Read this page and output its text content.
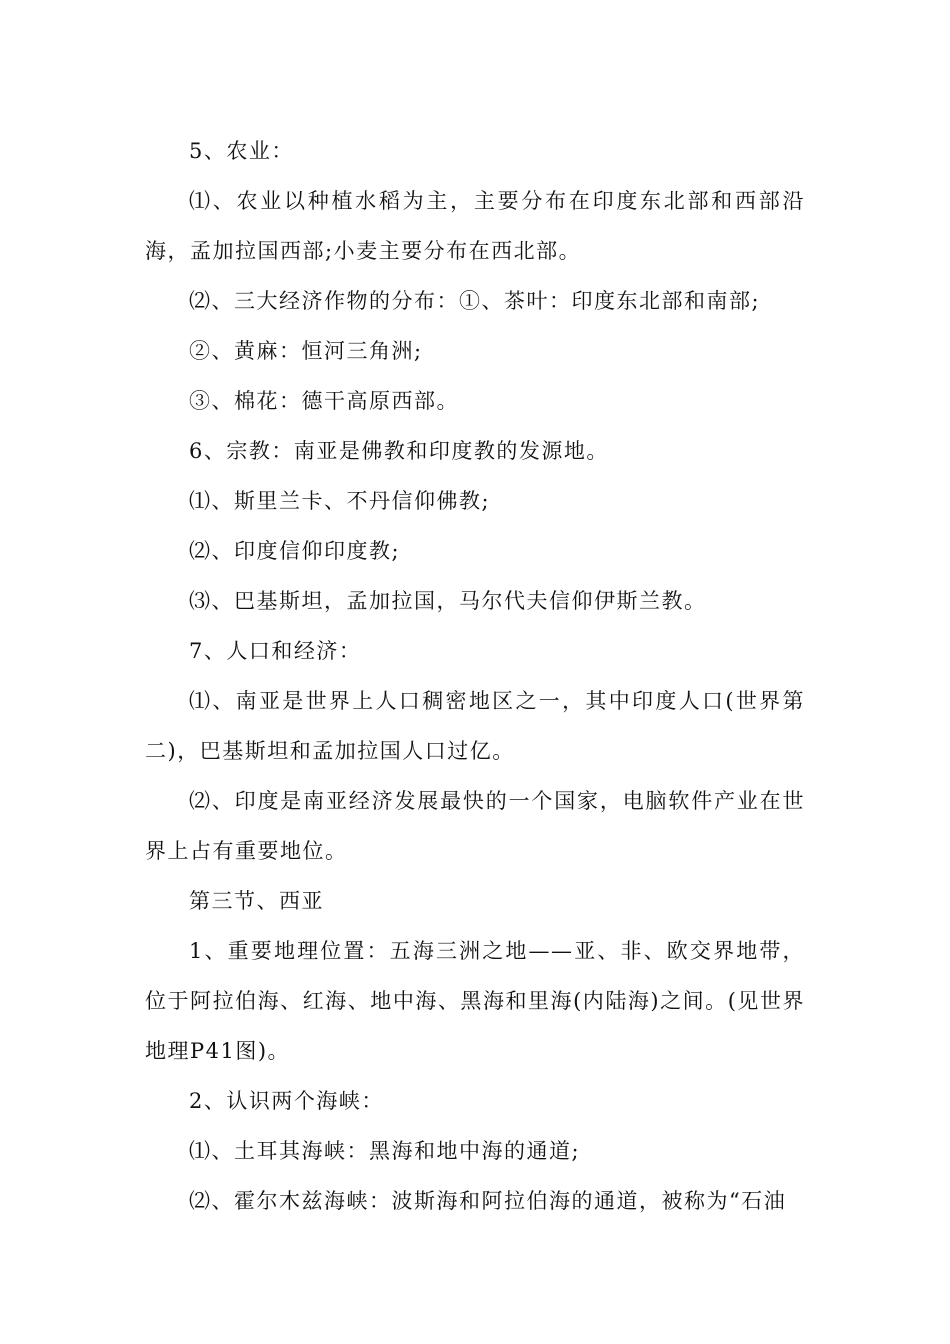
5、农业：

⑴、农业以种植水稻为主，主要分布在印度东北部和西部沿海，孟加拉国西部;小麦主要分布在西北部。

⑵、三大经济作物的分布：①、茶叶：印度东北部和南部;

②、黄麻：恒河三角洲;

③、棉花：德干高原西部。

6、宗教：南亚是佛教和印度教的发源地。

⑴、斯里兰卡、不丹信仰佛教;

⑵、印度信仰印度教;

⑶、巴基斯坦，孟加拉国，马尔代夫信仰伊斯兰教。

7、人口和经济：

⑴、南亚是世界上人口稠密地区之一，其中印度人口(世界第二)，巴基斯坦和孟加拉国人口过亿。

⑵、印度是南亚经济发展最快的一个国家，电脑软件产业在世界上占有重要地位。

第三节、西亚

1、重要地理位置：五海三洲之地——亚、非、欧交界地带，位于阿拉伯海、红海、地中海、黑海和里海(内陆海)之间。(见世界地理P41图)。

2、认识两个海峡：

⑴、土耳其海峡：黑海和地中海的通道;

⑵、霍尔木兹海峡：波斯海和阿拉伯海的通道，被称为“石油
